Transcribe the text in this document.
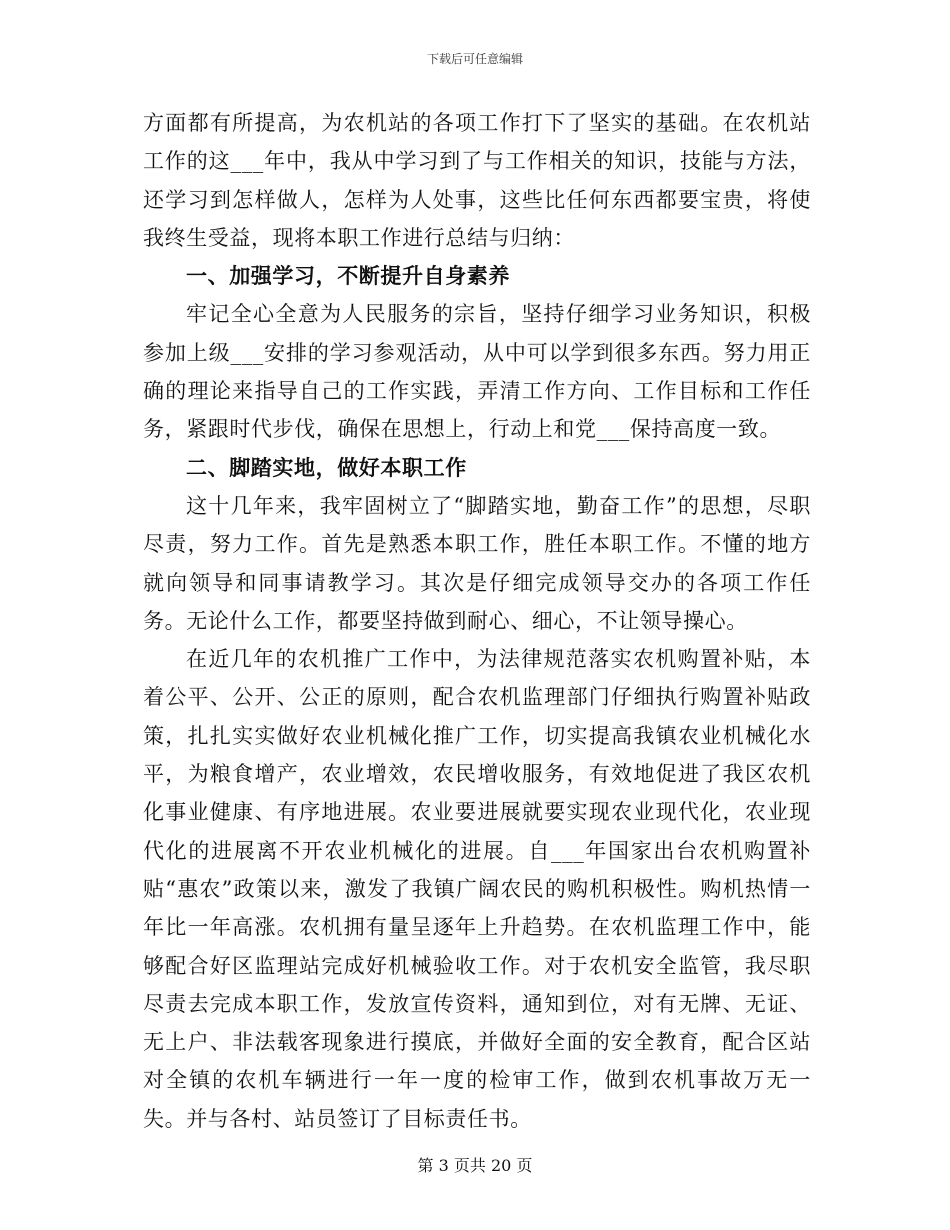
下载后可任意编辑

方面都有所提高，为农机站的各项工作打下了坚实的基础。在农机站工作的这___年中，我从中学习到了与工作相关的知识，技能与方法，还学习到怎样做人，怎样为人处事，这些比任何东西都要宝贵，将使我终生受益，现将本职工作进行总结与归纳：

一、加强学习，不断提升自身素养

牢记全心全意为人民服务的宗旨，坚持仔细学习业务知识，积极参加上级___安排的学习参观活动，从中可以学到很多东西。努力用正确的理论来指导自己的工作实践，弄清工作方向、工作目标和工作任务，紧跟时代步伐，确保在思想上，行动上和党___保持高度一致。

二、脚踏实地，做好本职工作

这十几年来，我牢固树立了“脚踏实地，勤奋工作”的思想，尽职尽责，努力工作。首先是熟悉本职工作，胜任本职工作。不懂的地方就向领导和同事请教学习。其次是仔细完成领导交办的各项工作任务。无论什么工作，都要坚持做到耐心、细心，不让领导操心。

在近几年的农机推广工作中，为法律规范落实农机购置补贴，本着公平、公开、公正的原则，配合农机监理部门仔细执行购置补贴政策，扎扎实实做好农业机械化推广工作，切实提高我镇农业机械化水平，为粮食增产，农业增效，农民增收服务，有效地促进了我区农机化事业健康、有序地进展。农业要进展就要实现农业现代化，农业现代化的进展离不开农业机械化的进展。自___年国家出台农机购置补贴“惠农”政策以来，激发了我镇广阔农民的购机积极性。购机热情一年比一年高涨。农机拥有量呈逐年上升趋势。在农机监理工作中，能够配合好区监理站完成好机械验收工作。对于农机安全监管，我尽职尽责去完成本职工作，发放宣传资料，通知到位，对有无牌、无证、无上户、非法载客现象进行摸底，并做好全面的安全教育，配合区站对全镇的农机车辆进行一年一度的检审工作，做到农机事故万无一失。并与各村、站员签订了目标责任书。

第 3 页共 20 页
